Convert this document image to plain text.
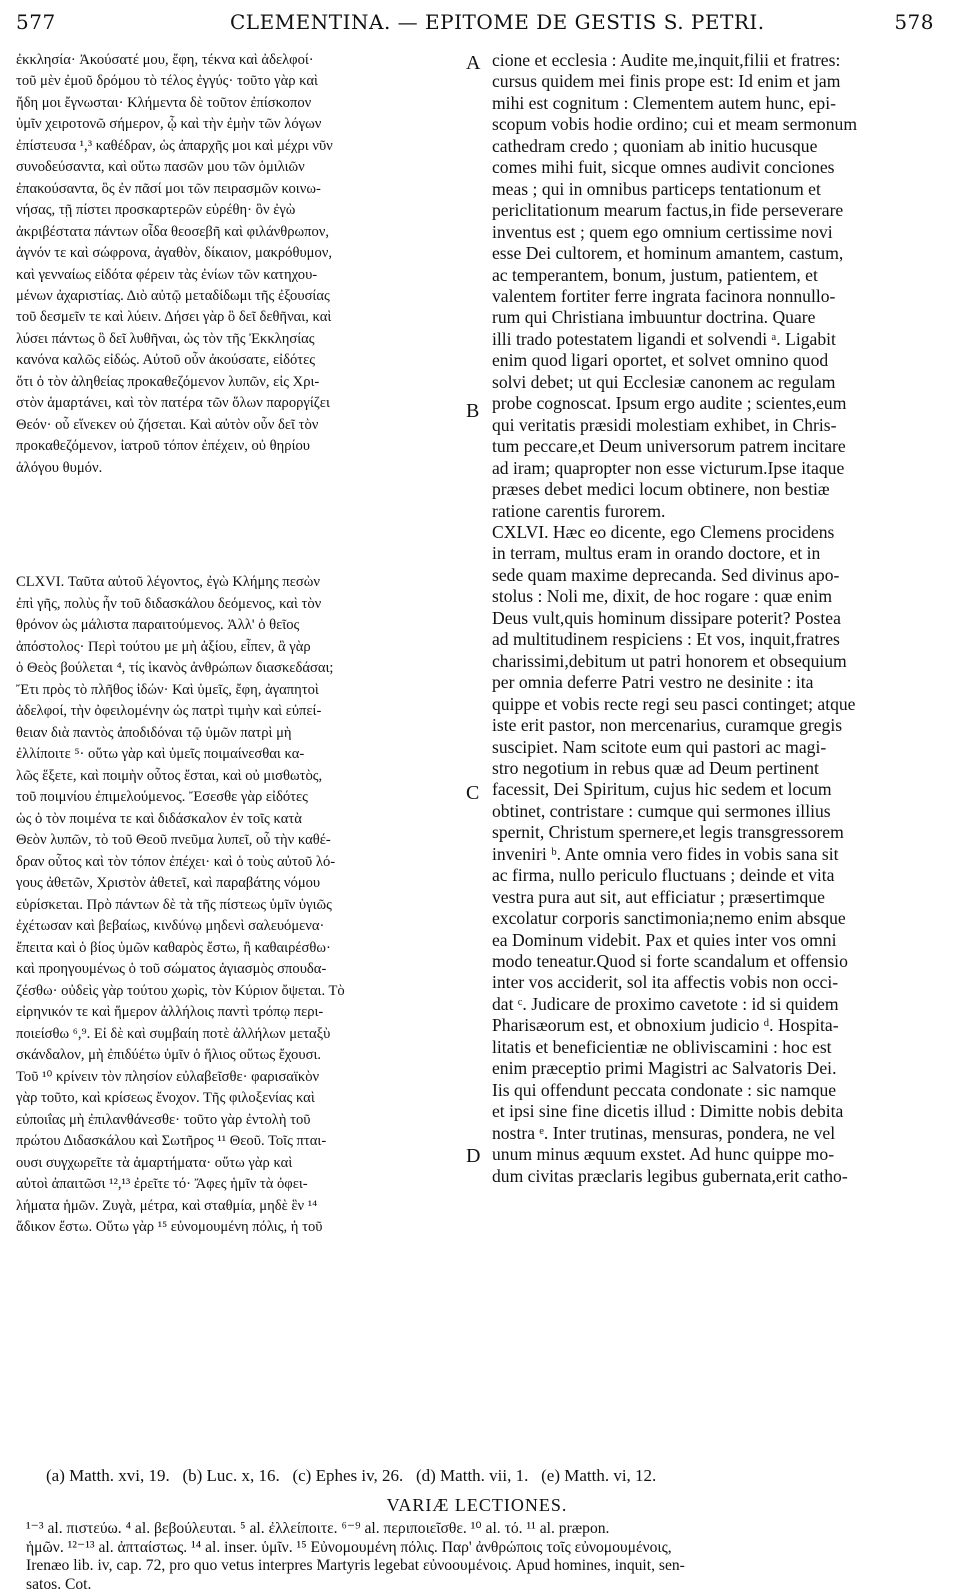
577	CLEMENTINA. — EPITOME DE GESTIS S. PETRI.	578

ἐκκλησία· Ἀκούσατέ μου, ἔφη, τέκνα καὶ ἀδελφοί·

τοῦ μὲν ἐμοῦ δρόμου τὸ τέλος ἐγγύς· τοῦτο γὰρ καὶ

ἤδη μοι ἔγνωσται· Κλήμεντα δὲ τοῦτον ἐπίσκοπον

ὑμῖν χειροτονῶ σήμερον, ᾧ καὶ τὴν ἐμὴν τῶν λόγων

ἐπίστευσα ¹,³ καθέδραν, ὡς ἀπαρχῆς μοι καὶ μέχρι νῦν

συνοδεύσαντα, καὶ οὕτω πασῶν μου τῶν ὁμιλιῶν

ἐπακούσαντα, ὃς ἐν πᾶσί μοι τῶν πειρασμῶν κοινω-

νήσας, τῇ πίστει προσκαρτερῶν εὑρέθη· ὃν ἐγὼ

ἀκριβέστατα πάντων οἶδα θεοσεβῆ καὶ φιλάνθρωπον,

ἁγνόν τε καὶ σώφρονα, ἀγαθὸν, δίκαιον, μακρόθυμον,

καὶ γενναίως εἰδότα φέρειν τὰς ἐνίων τῶν κατηχου-

μένων ἀχαριστίας. Διὸ αὐτῷ μεταδίδωμι τῆς ἐξουσίας

τοῦ δεσμεῖν τε καὶ λύειν. Δήσει γὰρ ὃ δεῖ δεθῆναι, καὶ

λύσει πάντως ὃ δεῖ λυθῆναι, ὡς τὸν τῆς Ἐκκλησίας

κανόνα καλῶς εἰδώς. Αὐτοῦ οὖν ἀκούσατε, εἰδότες

ὅτι ὁ τὸν ἀληθείας προκαθεζόμενον λυπῶν, εἰς Χρι-

στὸν ἁμαρτάνει, καὶ τὸν πατέρα τῶν ὅλων παροργίζει

Θεόν· οὗ εἵνεκεν οὐ ζήσεται. Καὶ αὐτὸν οὖν δεῖ τὸν

προκαθεζόμενον, ἰατροῦ τόπον ἐπέχειν, οὐ θηρίου

ἀλόγου θυμόν.

CLXVI. Ταῦτα αὐτοῦ λέγοντος, ἐγὼ Κλήμης πεσὼν

ἐπὶ γῆς, πολὺς ἦν τοῦ διδασκάλου δεόμενος, καὶ τὸν

θρόνον ὡς μάλιστα παραιτούμενος. Ἀλλ' ὁ θεῖος

ἀπόστολος· Περὶ τούτου με μὴ ἀξίου, εἶπεν, ἃ γὰρ

ὁ Θεὸς βούλεται ⁴, τίς ἱκανὸς ἀνθρώπων διασκεδάσαι;

Ἔτι πρὸς τὸ πλῆθος ἰδών· Καὶ ὑμεῖς, ἔφη, ἀγαπητοὶ

ἀδελφοί, τὴν ὀφειλομένην ὡς πατρὶ τιμὴν καὶ εὐπεί-

θειαν διὰ παντὸς ἀποδιδόναι τῷ ὑμῶν πατρὶ μὴ

ἐλλίποιτε ⁵· οὕτω γὰρ καὶ ὑμεῖς ποιμαίνεσθαι κα-

λῶς ἕξετε, καὶ ποιμὴν οὗτος ἔσται, καὶ οὐ μισθωτὸς,

τοῦ ποιμνίου ἐπιμελούμενος. Ἔσεσθε γὰρ εἰδότες

ὡς ὁ τὸν ποιμένα τε καὶ διδάσκαλον ἐν τοῖς κατὰ

Θεὸν λυπῶν, τὸ τοῦ Θεοῦ πνεῦμα λυπεῖ, οὗ τὴν καθέ-

δραν οὗτος καὶ τὸν τόπον ἐπέχει· καὶ ὁ τοὺς αὐτοῦ λό-

γους ἀθετῶν, Χριστὸν ἀθετεῖ, καὶ παραβάτης νόμου

εὑρίσκεται. Πρὸ πάντων δὲ τὰ τῆς πίστεως ὑμῖν ὑγιῶς

ἐχέτωσαν καὶ βεβαίως, κινδύνῳ μηδενὶ σαλευόμενα·

ἔπειτα καὶ ὁ βίος ὑμῶν καθαρὸς ἔστω, ἢ καθαιρέσθω·

καὶ προηγουμένως ὁ τοῦ σώματος ἁγιασμὸς σπουδα-

ζέσθω· οὐδεὶς γὰρ τούτου χωρὶς, τὸν Κύριον ὄψεται. Τὸ

εἰρηνικόν τε καὶ ἥμερον ἀλλήλοις παντὶ τρόπῳ περι-

ποιείσθω ⁶,⁹. Εἰ δὲ καὶ συμβαίη ποτὲ ἀλλήλων μεταξὺ

σκάνδαλον, μὴ ἐπιδύέτω ὑμῖν ὁ ἥλιος οὕτως ἔχουσι.

Τοῦ ¹⁰ κρίνειν τὸν πλησίον εὐλαβεῖσθε· φαρισαϊκὸν

γὰρ τοῦτο, καὶ κρίσεως ἔνοχον. Τῆς φιλοξενίας καὶ

εὐποιΐας μὴ ἐπιλανθάνεσθε· τοῦτο γὰρ ἐντολὴ τοῦ

πρώτου Διδασκάλου καὶ Σωτῆρος ¹¹ Θεοῦ. Τοῖς πται-

ουσι συγχωρεῖτε τὰ ἁμαρτήματα· οὕτω γὰρ καὶ

αὐτοὶ ἀπαιτῶσι ¹²,¹³ ἐρεῖτε τό· Ἄφες ἡμῖν τὰ ὀφει-

λήματα ἡμῶν. Ζυγὰ, μέτρα, καὶ σταθμία, μηδὲ ἓν ¹⁴

ἄδικον ἔστω. Οὕτω γὰρ ¹⁵ εὐνομουμένη πόλις, ἡ τοῦ

cione et ecclesia : Audite me,inquit,filii et fratres:

cursus quidem mei finis prope est: Id enim et jam

mihi est cognitum : Clementem autem hunc, epi-

scopum vobis hodie ordino; cui et meam sermonum

cathedram credo ; quoniam ab initio hucusque

comes mihi fuit, sicque omnes audivit conciones

meas ; qui in omnibus particeps tentationum et

periclitationum mearum factus,in fide perseverare

inventus est ; quem ego omnium certissime novi

esse Dei cultorem, et hominum amantem, castum,

ac temperantem, bonum, justum, patientem, et

valentem fortiter ferre ingrata facinora nonnullo-

rum qui Christiana imbuuntur doctrina. Quare

illi trado potestatem ligandi et solvendi ᵃ. Ligabit

enim quod ligari oportet, et solvet omnino quod

solvi debet; ut qui Ecclesiæ canonem ac regulam

probe cognoscat. Ipsum ergo audite ; scientes,eum

qui veritatis præsidi molestiam exhibet, in Chris-

tum peccare,et Deum universorum patrem incitare

ad iram; quapropter non esse victurum.Ipse itaque

præses debet medici locum obtinere, non bestiæ

ratione carentis furorem.

CXLVI. Hæc eo dicente, ego Clemens procidens

in terram, multus eram in orando doctore, et in

sede quam maxime deprecanda. Sed divinus apo-

stolus : Noli me, dixit, de hoc rogare : quæ enim

Deus vult,quis hominum dissipare poterit? Postea

ad multitudinem respiciens : Et vos, inquit,fratres

charissimi,debitum ut patri honorem et obsequium

per omnia deferre Patri vestro ne desinite : ita

quippe et vobis recte regi seu pasci continget; atque

iste erit pastor, non mercenarius, curamque gregis

suscipiet. Nam scitote eum qui pastori ac magi-

stro negotium in rebus quæ ad Deum pertinent

facessit, Dei Spiritum, cujus hic sedem et locum

obtinet, contristare : cumque qui sermones illius

spernit, Christum spernere,et legis transgressorem

inveniri ᵇ. Ante omnia vero fides in vobis sana sit

ac firma, nullo periculo fluctuans ; deinde et vita

vestra pura aut sit, aut efficiatur ; præsertimque

excolatur corporis sanctimonia;nemo enim absque

ea Dominum videbit. Pax et quies inter vos omni

modo teneatur.Quod si forte scandalum et offensio

inter vos acciderit, sol ita affectis vobis non occi-

dat ᶜ. Judicare de proximo cavetote : id si quidem

Pharisæorum est, et obnoxium judicio ᵈ. Hospita-

litatis et beneficientiæ ne obliviscamini : hoc est

enim præceptio primi Magistri ac Salvatoris Dei.

Iis qui offendunt peccata condonate : sic namque

et ipsi sine fine dicetis illud : Dimitte nobis debita

nostra ᵉ. Inter trutinas, mensuras, pondera, ne vel

unum minus æquum exstet. Ad hunc quippe mo-

dum civitas præclaris legibus gubernata,erit catho-

A
B
C
D
(a) Matth. xvi, 19.   (b) Luc. x, 16.   (c) Ephes iv, 26.   (d) Matth. vii, 1.   (e) Matth. vi, 12.
VARIÆ LECTIONES.

¹⁻³ al. πιστεύω. ⁴ al. βεβούλευται. ⁵ al. ἐλλείποιτε. ⁶⁻⁹ al. περιποιεῖσθε. ¹⁰ al. τό. ¹¹ al. præpon.

ἡμῶν. ¹²⁻¹³ al. ἀπταίστως. ¹⁴ al. inser. ὑμῖν. ¹⁵ Εὐνομουμένη πόλις. Παρ' ἀνθρώποις τοῖς εὐνομουμένοις,

Irenæo lib. iv, cap. 72, pro quo vetus interpres Martyris legebat εὐνοουμένοις. Apud homines, inquit, sen-

satos. Cot.
